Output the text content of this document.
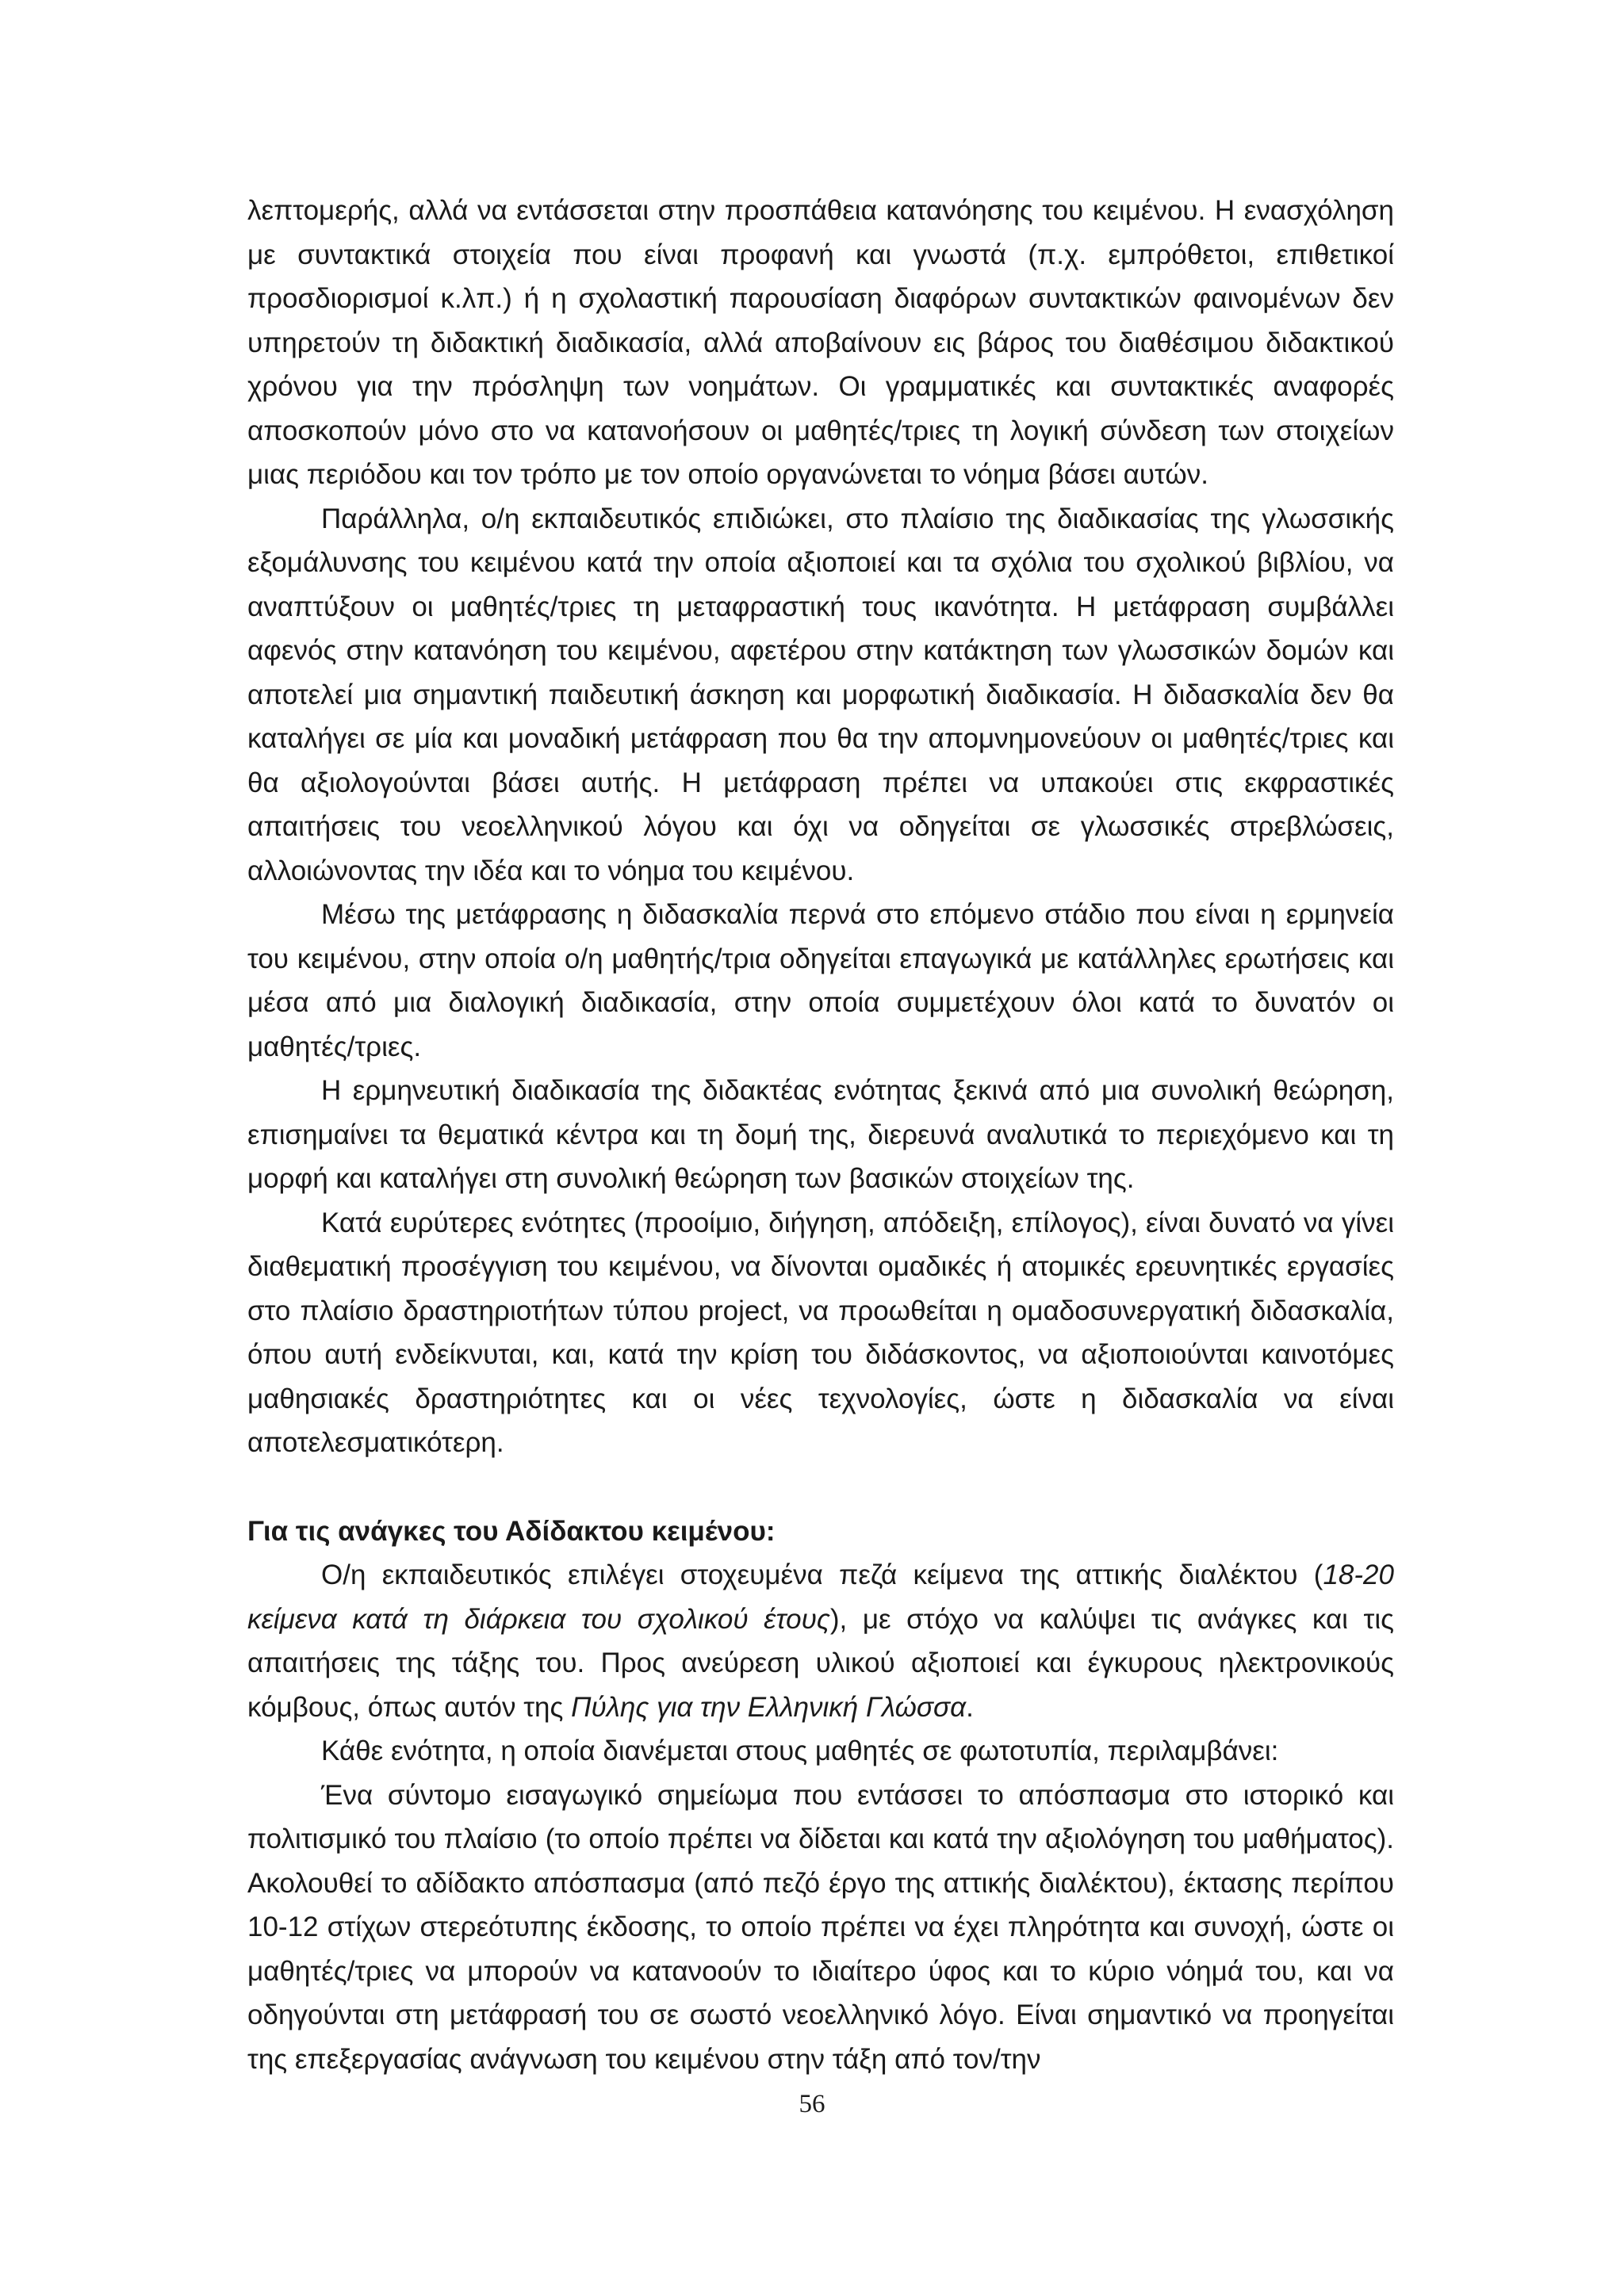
λεπτομερής, αλλά να εντάσσεται στην προσπάθεια κατανόησης του κειμένου. Η ενασχόληση με συντακτικά στοιχεία που είναι προφανή και γνωστά (π.χ. εμπρόθετοι, επιθετικοί προσδιορισμοί κ.λπ.) ή η σχολαστική παρουσίαση διαφόρων συντακτικών φαινομένων δεν υπηρετούν τη διδακτική διαδικασία, αλλά αποβαίνουν εις βάρος του διαθέσιμου διδακτικού χρόνου για την πρόσληψη των νοημάτων. Οι γραμματικές και συντακτικές αναφορές αποσκοπούν μόνο στο να κατανοήσουν οι μαθητές/τριες τη λογική σύνδεση των στοιχείων μιας περιόδου και τον τρόπο με τον οποίο οργανώνεται το νόημα βάσει αυτών.

Παράλληλα, ο/η εκπαιδευτικός επιδιώκει, στο πλαίσιο της διαδικασίας της γλωσσικής εξομάλυνσης του κειμένου κατά την οποία αξιοποιεί και τα σχόλια του σχολικού βιβλίου, να αναπτύξουν οι μαθητές/τριες τη μεταφραστική τους ικανότητα. Η μετάφραση συμβάλλει αφενός στην κατανόηση του κειμένου, αφετέρου στην κατάκτηση των γλωσσικών δομών και αποτελεί μια σημαντική παιδευτική άσκηση και μορφωτική διαδικασία. Η διδασκαλία δεν θα καταλήγει σε μία και μοναδική μετάφραση που θα την απομνημονεύουν οι μαθητές/τριες και θα αξιολογούνται βάσει αυτής. Η μετάφραση πρέπει να υπακούει στις εκφραστικές απαιτήσεις του νεοελληνικού λόγου και όχι να οδηγείται σε γλωσσικές στρεβλώσεις, αλλοιώνοντας την ιδέα και το νόημα του κειμένου.

Μέσω της μετάφρασης η διδασκαλία περνά στο επόμενο στάδιο που είναι η ερμηνεία του κειμένου, στην οποία ο/η μαθητής/τρια οδηγείται επαγωγικά με κατάλληλες ερωτήσεις και μέσα από μια διαλογική διαδικασία, στην οποία συμμετέχουν όλοι κατά το δυνατόν οι μαθητές/τριες.

Η ερμηνευτική διαδικασία της διδακτέας ενότητας ξεκινά από μια συνολική θεώρηση, επισημαίνει τα θεματικά κέντρα και τη δομή της, διερευνά αναλυτικά το περιεχόμενο και τη μορφή και καταλήγει στη συνολική θεώρηση των βασικών στοιχείων της.

Κατά ευρύτερες ενότητες (προοίμιο, διήγηση, απόδειξη, επίλογος), είναι δυνατό να γίνει διαθεματική προσέγγιση του κειμένου, να δίνονται ομαδικές ή ατομικές ερευνητικές εργασίες στο πλαίσιο δραστηριοτήτων τύπου project, να προωθείται η ομαδοσυνεργατική διδασκαλία, όπου αυτή ενδείκνυται, και, κατά την κρίση του διδάσκοντος, να αξιοποιούνται καινοτόμες μαθησιακές δραστηριότητες και οι νέες τεχνολογίες, ώστε η διδασκαλία να είναι αποτελεσματικότερη.

Για τις ανάγκες του Αδίδακτου κειμένου:

Ο/η εκπαιδευτικός επιλέγει στοχευμένα πεζά κείμενα της αττικής διαλέκτου (18-20 κείμενα κατά τη διάρκεια του σχολικού έτους), με στόχο να καλύψει τις ανάγκες και τις απαιτήσεις της τάξης του. Προς ανεύρεση υλικού αξιοποιεί και έγκυρους ηλεκτρονικούς κόμβους, όπως αυτόν της Πύλης για την Ελληνική Γλώσσα.

Κάθε ενότητα, η οποία διανέμεται στους μαθητές σε φωτοτυπία, περιλαμβάνει:

Ένα σύντομο εισαγωγικό σημείωμα που εντάσσει το απόσπασμα στο ιστορικό και πολιτισμικό του πλαίσιο (το οποίο πρέπει να δίδεται και κατά την αξιολόγηση του μαθήματος). Ακολουθεί το αδίδακτο απόσπασμα (από πεζό έργο της αττικής διαλέκτου), έκτασης περίπου 10-12 στίχων στερεότυπης έκδοσης, το οποίο πρέπει να έχει πληρότητα και συνοχή, ώστε οι μαθητές/τριες να μπορούν να κατανοούν το ιδιαίτερο ύφος και το κύριο νόημά του, και να οδηγούνται στη μετάφρασή του σε σωστό νεοελληνικό λόγο. Είναι σημαντικό να προηγείται της επεξεργασίας ανάγνωση του κειμένου στην τάξη από τον/την

56
